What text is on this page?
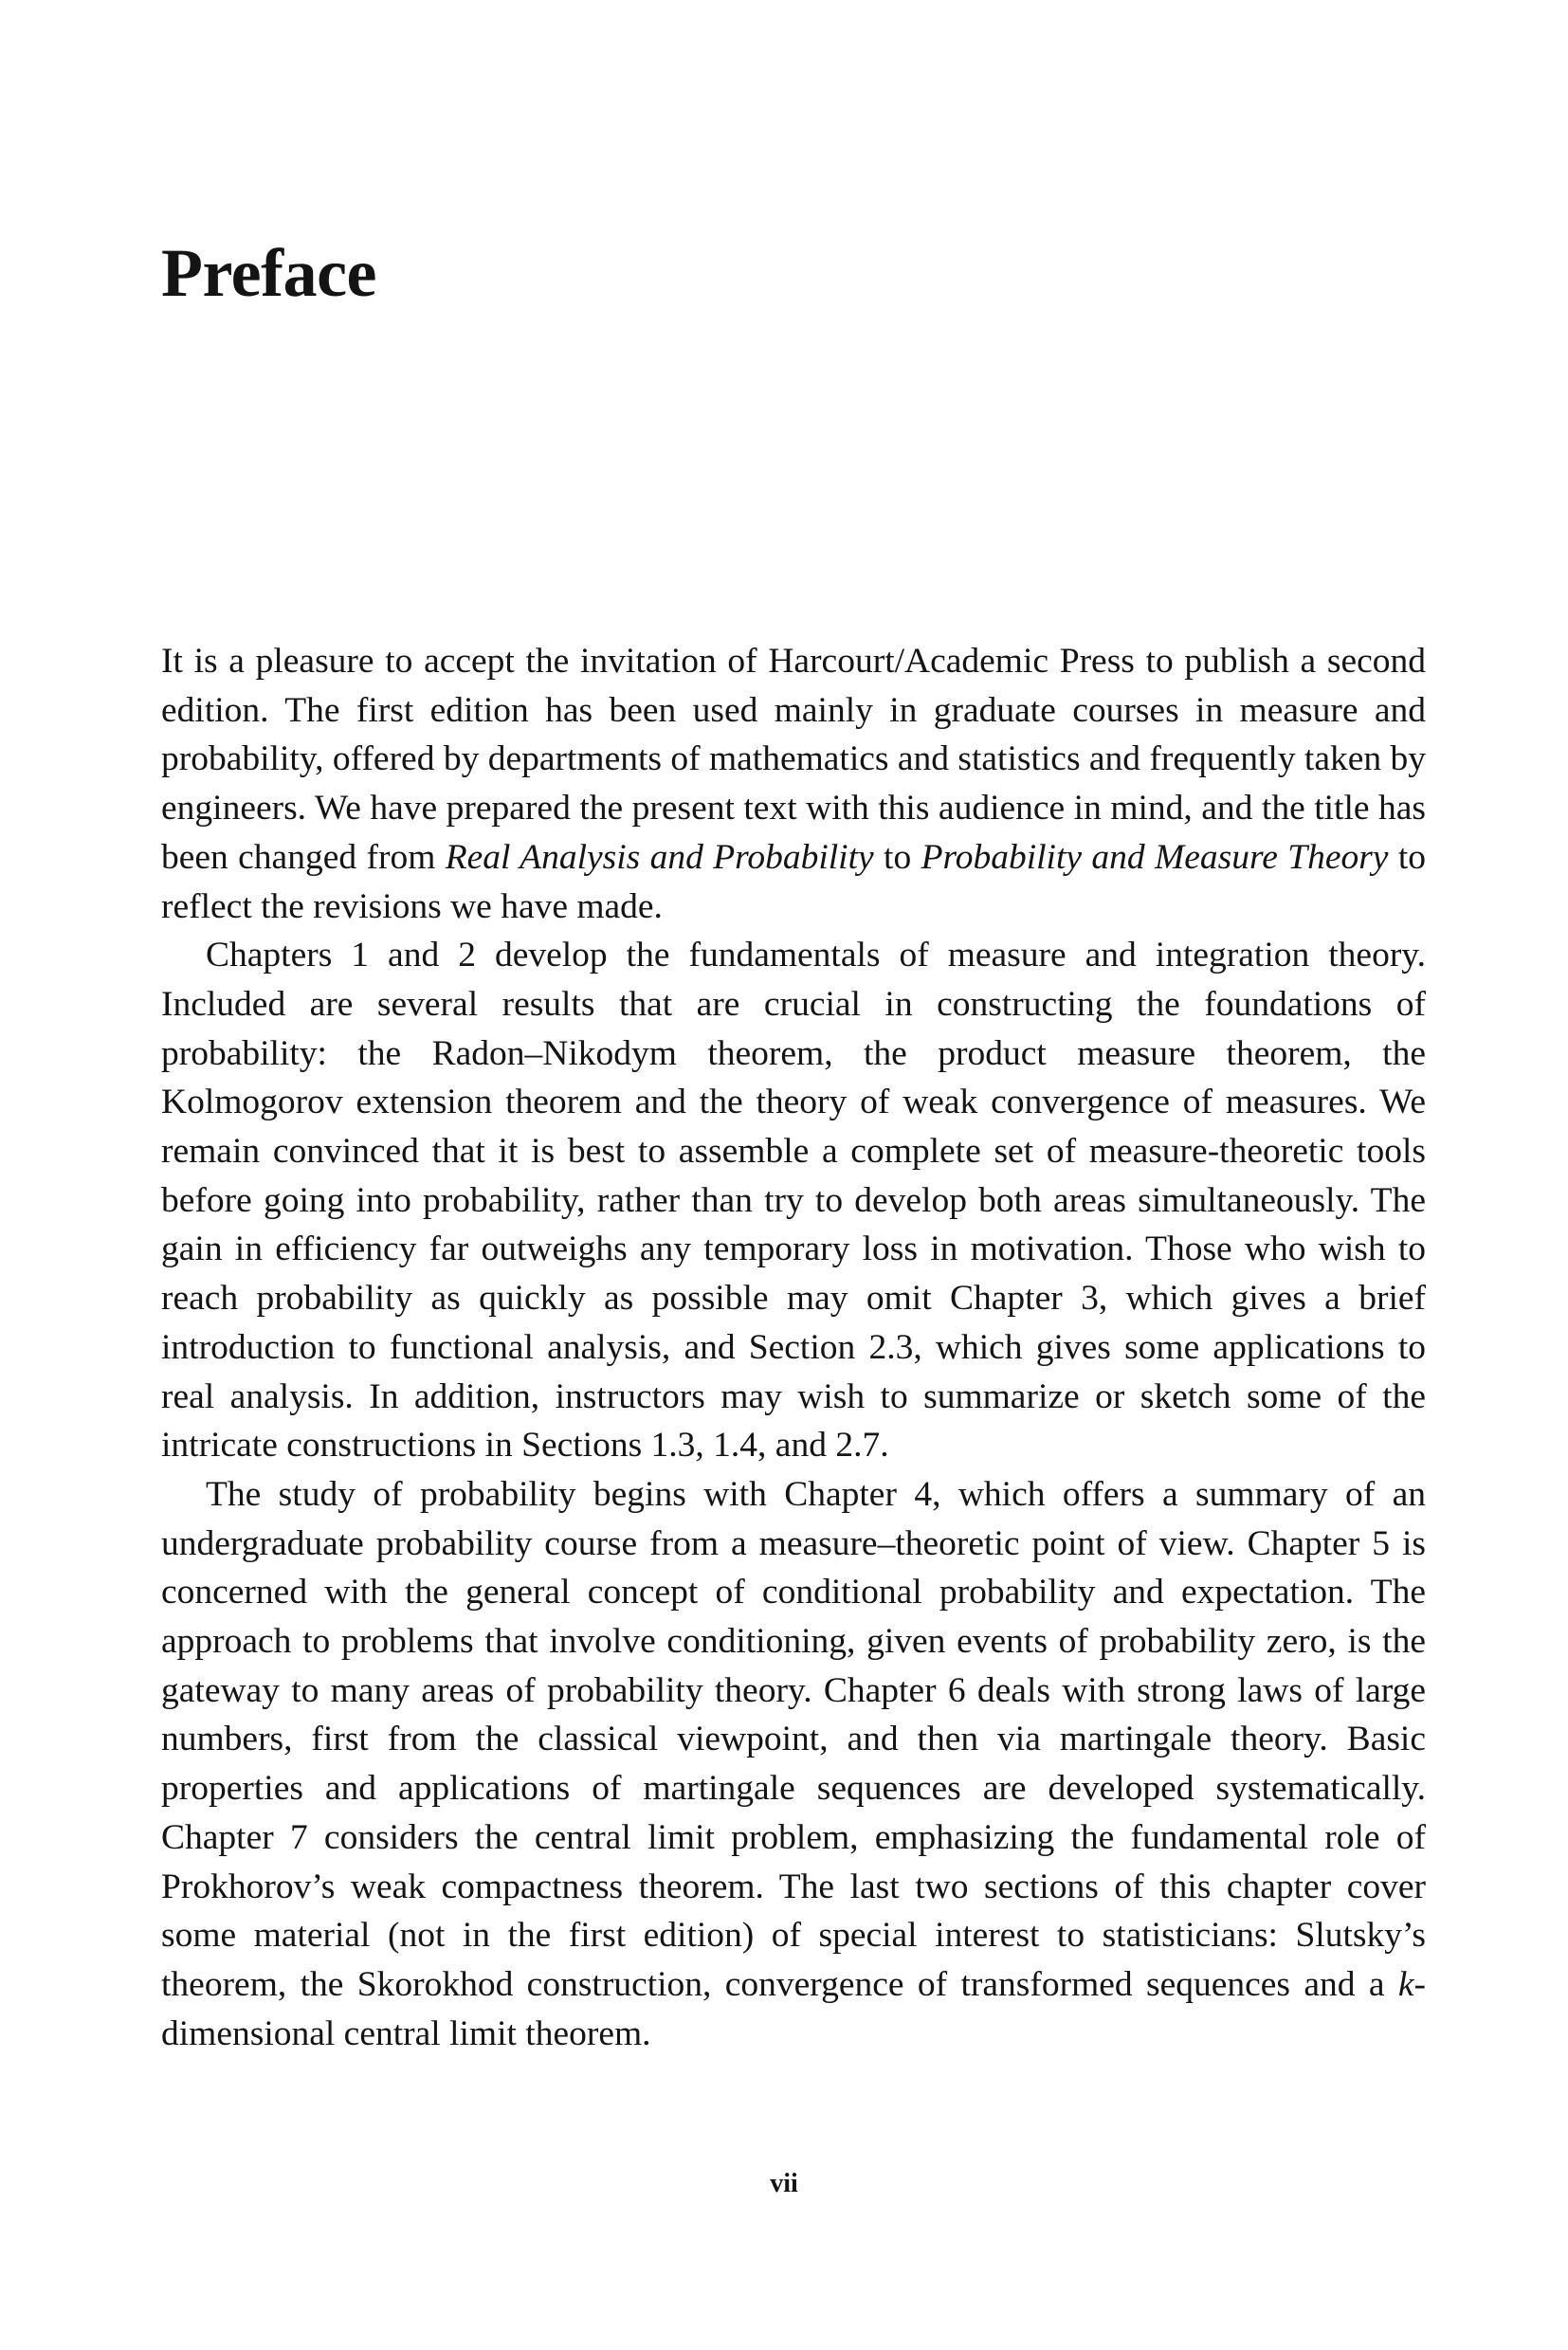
Preface

It is a pleasure to accept the invitation of Harcourt/Academic Press to publish a second edition. The first edition has been used mainly in graduate courses in measure and probability, offered by departments of mathematics and statistics and frequently taken by engineers. We have prepared the present text with this audience in mind, and the title has been changed from Real Analysis and Probability to Probability and Measure Theory to reflect the revisions we have made.

Chapters 1 and 2 develop the fundamentals of measure and integration theory. Included are several results that are crucial in constructing the foundations of probability: the Radon–Nikodym theorem, the product measure theorem, the Kolmogorov extension theorem and the theory of weak convergence of measures. We remain convinced that it is best to assemble a complete set of measure-theoretic tools before going into probability, rather than try to develop both areas simultaneously. The gain in efficiency far outweighs any temporary loss in motivation. Those who wish to reach probability as quickly as possible may omit Chapter 3, which gives a brief introduction to functional analysis, and Section 2.3, which gives some applications to real analysis. In addition, instructors may wish to summarize or sketch some of the intricate constructions in Sections 1.3, 1.4, and 2.7.

The study of probability begins with Chapter 4, which offers a summary of an undergraduate probability course from a measure–theoretic point of view. Chapter 5 is concerned with the general concept of conditional probability and expectation. The approach to problems that involve conditioning, given events of probability zero, is the gateway to many areas of probability theory. Chapter 6 deals with strong laws of large numbers, first from the classical viewpoint, and then via martingale theory. Basic properties and applications of martingale sequences are developed systematically. Chapter 7 considers the central limit problem, emphasizing the fundamental role of Prokhorov’s weak compactness theorem. The last two sections of this chapter cover some material (not in the first edition) of special interest to statisticians: Slutsky’s theorem, the Skorokhod construction, convergence of transformed sequences and a k-dimensional central limit theorem.

vii
